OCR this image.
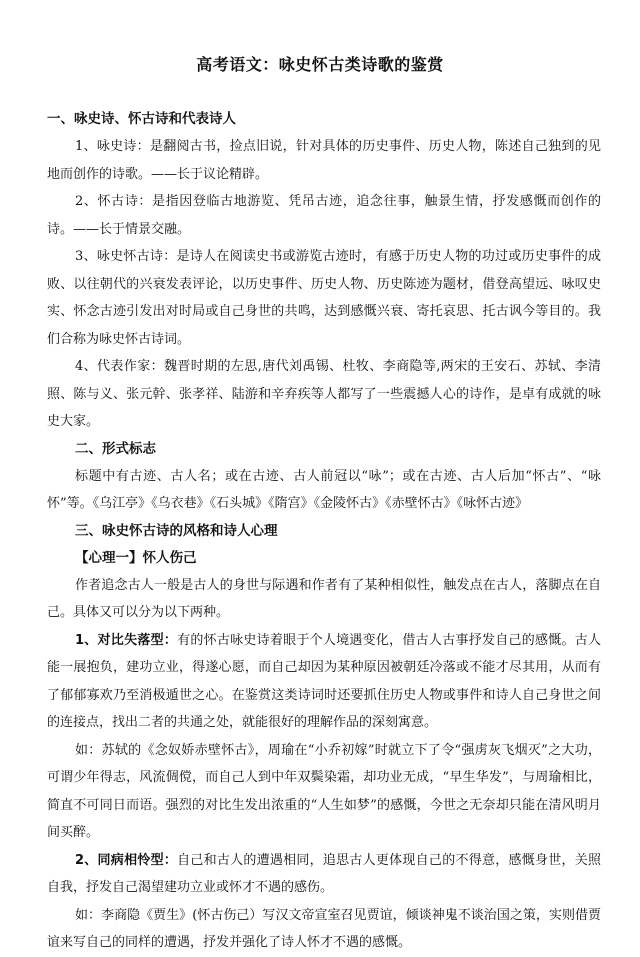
高考语文：咏史怀古类诗歌的鉴赏
一、咏史诗、怀古诗和代表诗人

1、咏史诗：是翻阅古书，捡点旧说，针对具体的历史事件、历史人物，陈述自己独到的见地而创作的诗歌。——长于议论精辟。

2、怀古诗：是指因登临古地游览、凭吊古迹，追念往事，触景生情，抒发感慨而创作的诗。——长于情景交融。

3、咏史怀古诗：是诗人在阅读史书或游览古迹时，有感于历史人物的功过或历史事件的成败、以往朝代的兴衰发表评论，以历史事件、历史人物、历史陈迹为题材，借登高望远、咏叹史实、怀念古迹引发出对时局或自己身世的共鸣，达到感慨兴衰、寄托哀思、托古讽今等目的。我们合称为咏史怀古诗词。

4、代表作家：魏晋时期的左思,唐代刘禹锡、杜牧、李商隐等,两宋的王安石、苏轼、李清照、陈与义、张元幹、张孝祥、陆游和辛弃疾等人都写了一些震撼人心的诗作，是卓有成就的咏史大家。

二、形式标志

标题中有古迹、古人名；或在古迹、古人前冠以“咏”；或在古迹、古人后加“怀古”、“咏怀”等。《乌江亭》《乌衣巷》《石头城》《隋宫》《金陵怀古》《赤壁怀古》《咏怀古迹》

三、咏史怀古诗的风格和诗人心理
【心理一】怀人伤己

作者追念古人一般是古人的身世与际遇和作者有了某种相似性，触发点在古人，落脚点在自己。具体又可以分为以下两种。

1、对比失落型：有的怀古咏史诗着眼于个人境遇变化，借古人古事抒发自己的感慨。古人能一展抱负，建功立业，得遂心愿，而自己却因为某种原因被朝廷冷落或不能才尽其用，从而有了郁郁寡欢乃至消极遁世之心。在鉴赏这类诗词时还要抓住历史人物或事件和诗人自己身世之间的连接点，找出二者的共通之处，就能很好的理解作品的深刻寓意。

如：苏轼的《念奴娇赤壁怀古》，周瑜在“小乔初嫁”时就立下了令“强虏灰飞烟灭”之大功，可谓少年得志，风流倜傥，而自己人到中年双鬓染霜，却功业无成，“早生华发”，与周瑜相比，简直不可同日而语。强烈的对比生发出浓重的“人生如梦”的感慨，今世之无奈却只能在清风明月间买醉。

2、同病相怜型：自己和古人的遭遇相同，追思古人更体现自己的不得意，感慨身世，关照自我，抒发自己渴望建功立业或怀才不遇的感伤。

如：李商隐《贾生》(怀古伤己）写汉文帝宣室召见贾谊，倾谈神鬼不谈治国之策，实则借贾谊来写自己的同样的遭遇，抒发并强化了诗人怀才不遇的感慨。
